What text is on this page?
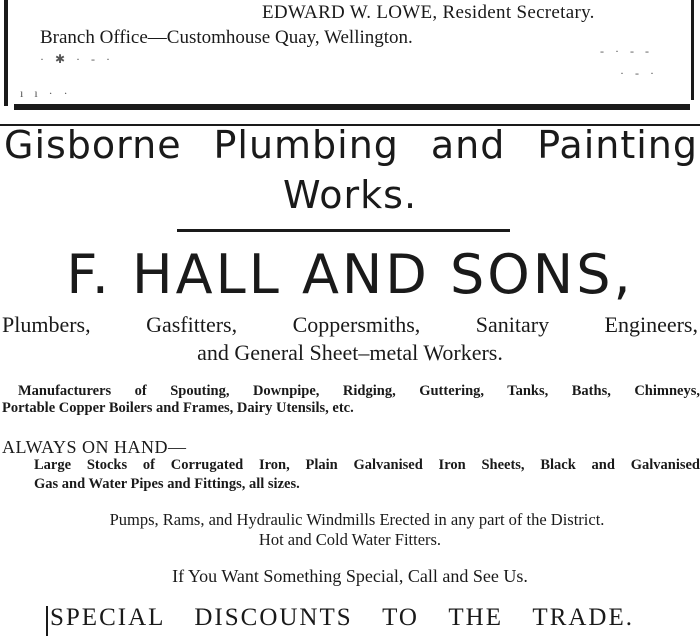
EDWARD W. LOWE, Resident Secretary.
Branch Office—Customhouse Quay, Wellington.
· ✱ · - ·
ı ı · ·
- · - -
· - ·
Gisborne Plumbing and Painting
Works.
F. HALL AND SONS,
Plumbers, Gasfitters, Coppersmiths, Sanitary Engineers,
and General Sheet–metal Workers.
Manufacturers of Spouting, Downpipe, Ridging, Guttering, Tanks, Baths, Chimneys,
Portable Copper Boilers and Frames, Dairy Utensils, etc.
ALWAYS ON HAND—
Large Stocks of Corrugated Iron, Plain Galvanised Iron Sheets, Black and Galvanised
Gas and Water Pipes and Fittings, all sizes.
Pumps, Rams, and Hydraulic Windmills Erected in any part of the District.
Hot and Cold Water Fitters.
If You Want Something Special, Call and See Us.
SPECIAL DISCOUNTS TO THE TRADE.
